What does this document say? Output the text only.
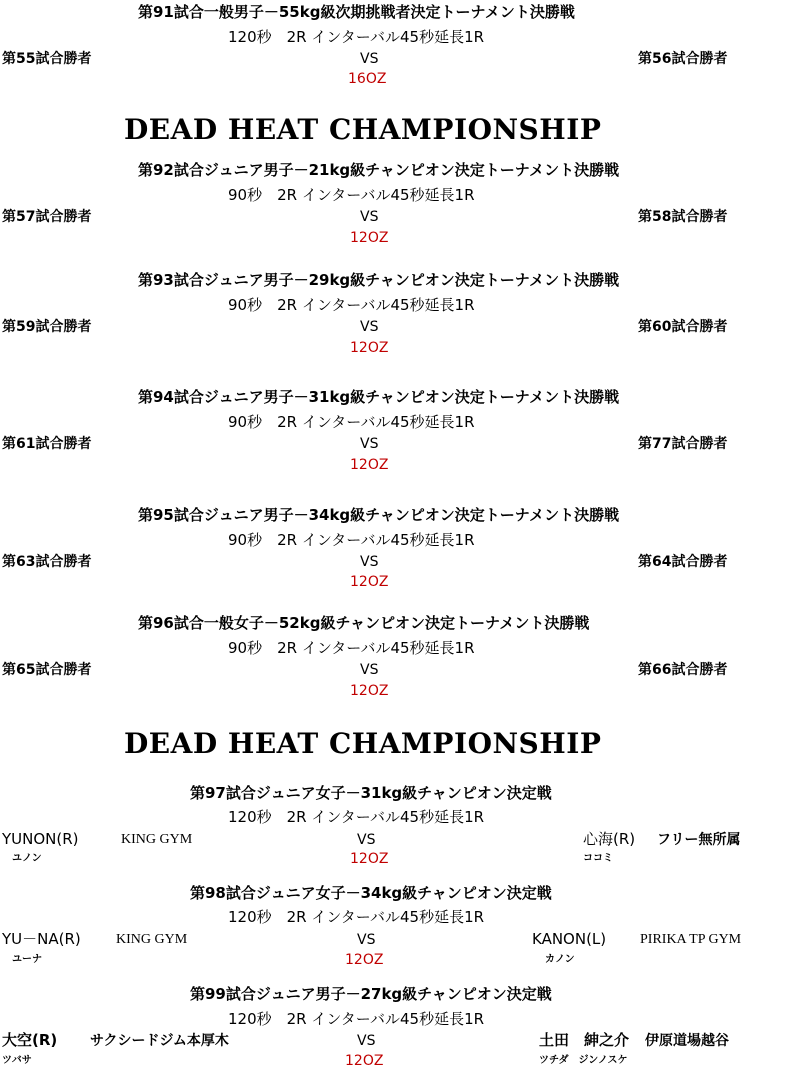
第91試合一般男子－55kg級次期挑戦者決定トーナメント決勝戦
120秒　2R インターバル45秒延長1R
第55試合勝者	VS	第56試合勝者
16OZ
DEAD HEAT CHAMPIONSHIP
第92試合ジュニア男子－21kg級チャンピオン決定トーナメント決勝戦
90秒　2R インターバル45秒延長1R
第57試合勝者	VS	第58試合勝者
12OZ
第93試合ジュニア男子－29kg級チャンピオン決定トーナメント決勝戦
90秒　2R インターバル45秒延長1R
第59試合勝者	VS	第60試合勝者
12OZ
第94試合ジュニア男子－31kg級チャンピオン決定トーナメント決勝戦
90秒　2R インターバル45秒延長1R
第61試合勝者	VS	第77試合勝者
12OZ
第95試合ジュニア男子－34kg級チャンピオン決定トーナメント決勝戦
90秒　2R インターバル45秒延長1R
第63試合勝者	VS	第64試合勝者
12OZ
第96試合一般女子－52kg級チャンピオン決定トーナメント決勝戦
90秒　2R インターバル45秒延長1R
第65試合勝者	VS	第66試合勝者
12OZ
DEAD HEAT CHAMPIONSHIP
第97試合ジュニア女子－31kg級チャンピオン決定戦
120秒　2R インターバル45秒延長1R
YUNON(R)	KING GYM	VS	心海(R) フリー無所属
ユノン	12OZ	ココミ
第98試合ジュニア女子－34kg級チャンピオン決定戦
120秒　2R インターバル45秒延長1R
YU－NA(R)	KING GYM	VS	KANON(L) PIRIKA TP GYM
ユーナ	12OZ	カノン
第99試合ジュニア男子－27kg級チャンピオン決定戦
120秒　2R インターバル45秒延長1R
大空(R) サクシードジム本厚木	VS	土田　紳之介 伊原道場越谷
ツバサ	12OZ	ツチダ　ジンノスケ
